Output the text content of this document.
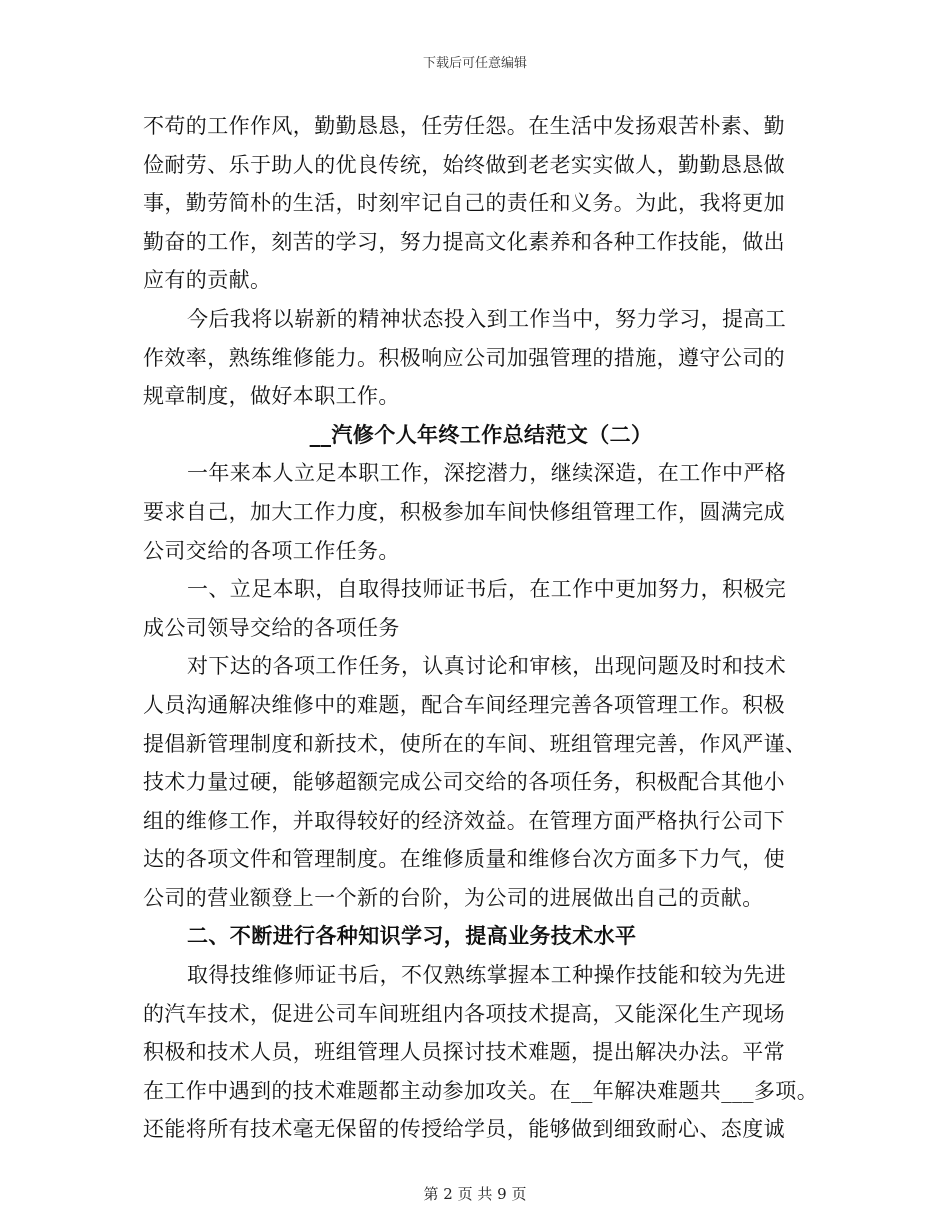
下载后可任意编辑
不苟的工作作风，勤勤恳恳，任劳任怨。在生活中发扬艰苦朴素、勤
俭耐劳、乐于助人的优良传统，始终做到老老实实做人，勤勤恳恳做
事，勤劳简朴的生活，时刻牢记自己的责任和义务。为此，我将更加
勤奋的工作，刻苦的学习，努力提高文化素养和各种工作技能，做出
应有的贡献。
今后我将以崭新的精神状态投入到工作当中，努力学习，提高工
作效率，熟练维修能力。积极响应公司加强管理的措施，遵守公司的
规章制度，做好本职工作。
__汽修个人年终工作总结范文（二）
一年来本人立足本职工作，深挖潜力，继续深造，在工作中严格
要求自己，加大工作力度，积极参加车间快修组管理工作，圆满完成
公司交给的各项工作任务。
一、立足本职，自取得技师证书后，在工作中更加努力，积极完
成公司领导交给的各项任务
对下达的各项工作任务，认真讨论和审核，出现问题及时和技术
人员沟通解决维修中的难题，配合车间经理完善各项管理工作。积极
提倡新管理制度和新技术，使所在的车间、班组管理完善，作风严谨、
技术力量过硬，能够超额完成公司交给的各项任务，积极配合其他小
组的维修工作，并取得较好的经济效益。在管理方面严格执行公司下
达的各项文件和管理制度。在维修质量和维修台次方面多下力气，使
公司的营业额登上一个新的台阶，为公司的进展做出自己的贡献。
二、不断进行各种知识学习，提高业务技术水平
取得技维修师证书后，不仅熟练掌握本工种操作技能和较为先进
的汽车技术，促进公司车间班组内各项技术提高，又能深化生产现场
积极和技术人员，班组管理人员探讨技术难题，提出解决办法。平常
在工作中遇到的技术难题都主动参加攻关。在__年解决难题共___多项。
还能将所有技术毫无保留的传授给学员，能够做到细致耐心、态度诚
第 2 页 共 9 页
